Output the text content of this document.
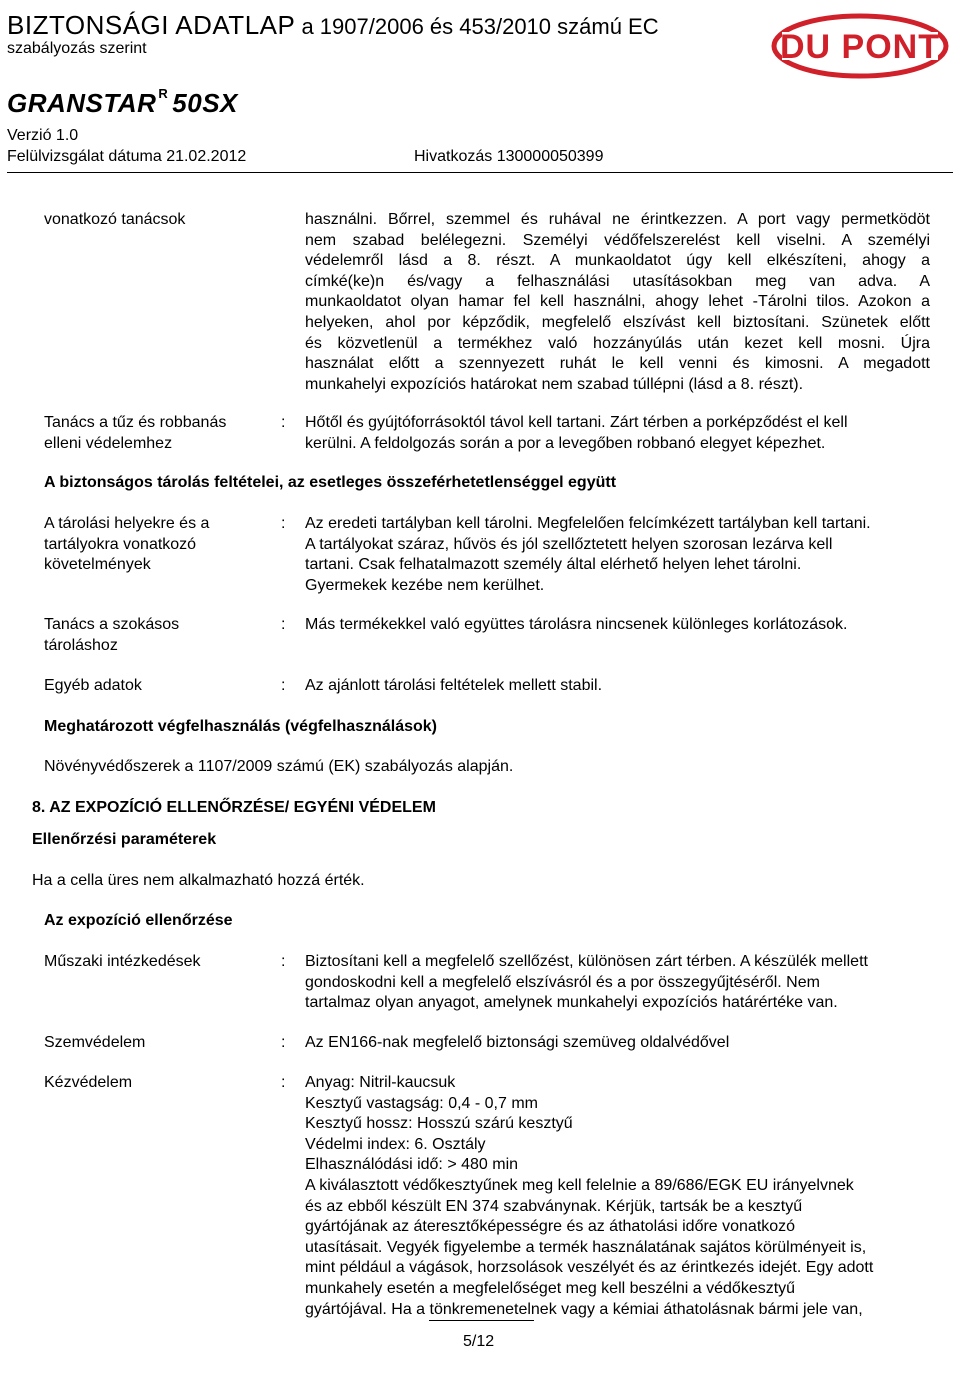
BIZTONSÁGI ADATLAP a 1907/2006 és 453/2010 számú EC
szabályozás szerint
GRANSTAR $^R$ 50SX
Verzió 1.0
Felülvizsgálat dátuma 21.02.2012	Hivatkozás 130000050399
DU PONT
vonatkozó tanácsok	használni. Bőrrel, szemmel és ruhával ne érintkezzen. A port vagy permetködöt
nem szabad belélegezni. Személyi védőfelszerelést kell viselni. A személyi
védelemről lásd a 8. részt. A munkaoldatot úgy kell elkészíteni, ahogy a
címké(ke)n és/vagy a felhasználási utasításokban meg van adva. A
munkaoldatot olyan hamar fel kell használni, ahogy lehet -Tárolni tilos. Azokon a
helyeken, ahol por képződik, megfelelő elszívást kell biztosítani. Szünetek előtt
és közvetlenül a termékhez való hozzányúlás után kezet kell mosni. Újra
használat előtt a szennyezett ruhát le kell venni és kimosni. A megadott
munkahelyi expozíciós határokat nem szabad túllépni (lásd a 8. részt).
Tanács a tűz és robbanás
elleni védelemhez
: Hőtől és gyújtóforrásoktól távol kell tartani. Zárt térben a porképződést el kell
kerülni. A feldolgozás során a por a levegőben robbanó elegyet képezhet.
A biztonságos tárolás feltételei, az esetleges összeférhetetlenséggel együtt
A tárolási helyekre és a
tartályokra vonatkozó
követelmények
: Az eredeti tartályban kell tárolni. Megfelelően felcímkézett tartályban kell tartani.
A tartályokat száraz, hűvös és jól szellőztetett helyen szorosan lezárva kell
tartani. Csak felhatalmazott személy által elérhető helyen lehet tárolni.
Gyermekek kezébe nem kerülhet.
Tanács a szokásos
tároláshoz
: Más termékekkel való együttes tárolásra nincsenek különleges korlátozások.
Egyéb adatok	: Az ajánlott tárolási feltételek mellett stabil.
Meghatározott végfelhasználás (végfelhasználások)
Növényvédőszerek a 1107/2009 számú (EK) szabályozás alapján.
8. AZ EXPOZÍCIÓ ELLENŐRZÉSE/ EGYÉNI VÉDELEM
Ellenőrzési paraméterek
Ha a cella üres nem alkalmazható hozzá érték.
Az expozíció ellenőrzése
Műszaki intézkedések	: Biztosítani kell a megfelelő szellőzést, különösen zárt térben. A készülék mellett
gondoskodni kell a megfelelő elszívásról és a por összegyűjtéséről. Nem
tartalmaz olyan anyagot, amelynek munkahelyi expozíciós határértéke van.
Szemvédelem	: Az EN166-nak megfelelő biztonsági szemüveg oldalvédővel
Kézvédelem	: Anyag: Nitril-kaucsuk
Kesztyű vastagság: 0,4 - 0,7 mm
Kesztyű hossz: Hosszú szárú kesztyű
Védelmi index: 6. Osztály
Elhasználódási idő: > 480 min
A kiválasztott védőkesztyűnek meg kell felelnie a 89/686/EGK EU irányelvnek
és az ebből készült EN 374 szabványnak. Kérjük, tartsák be a kesztyű
gyártójának az áteresztőképességre és az áthatolási időre vonatkozó
utasításait. Vegyék figyelembe a termék használatának sajátos körülményeit is,
mint például a vágások, horzsolások veszélyét és az érintkezés idejét. Egy adott
munkahely esetén a megfelelőséget meg kell beszélni a védőkesztyű
gyártójával. Ha a tönkremenetelnek vagy a kémiai áthatolásnak bármi jele van,
5/12
